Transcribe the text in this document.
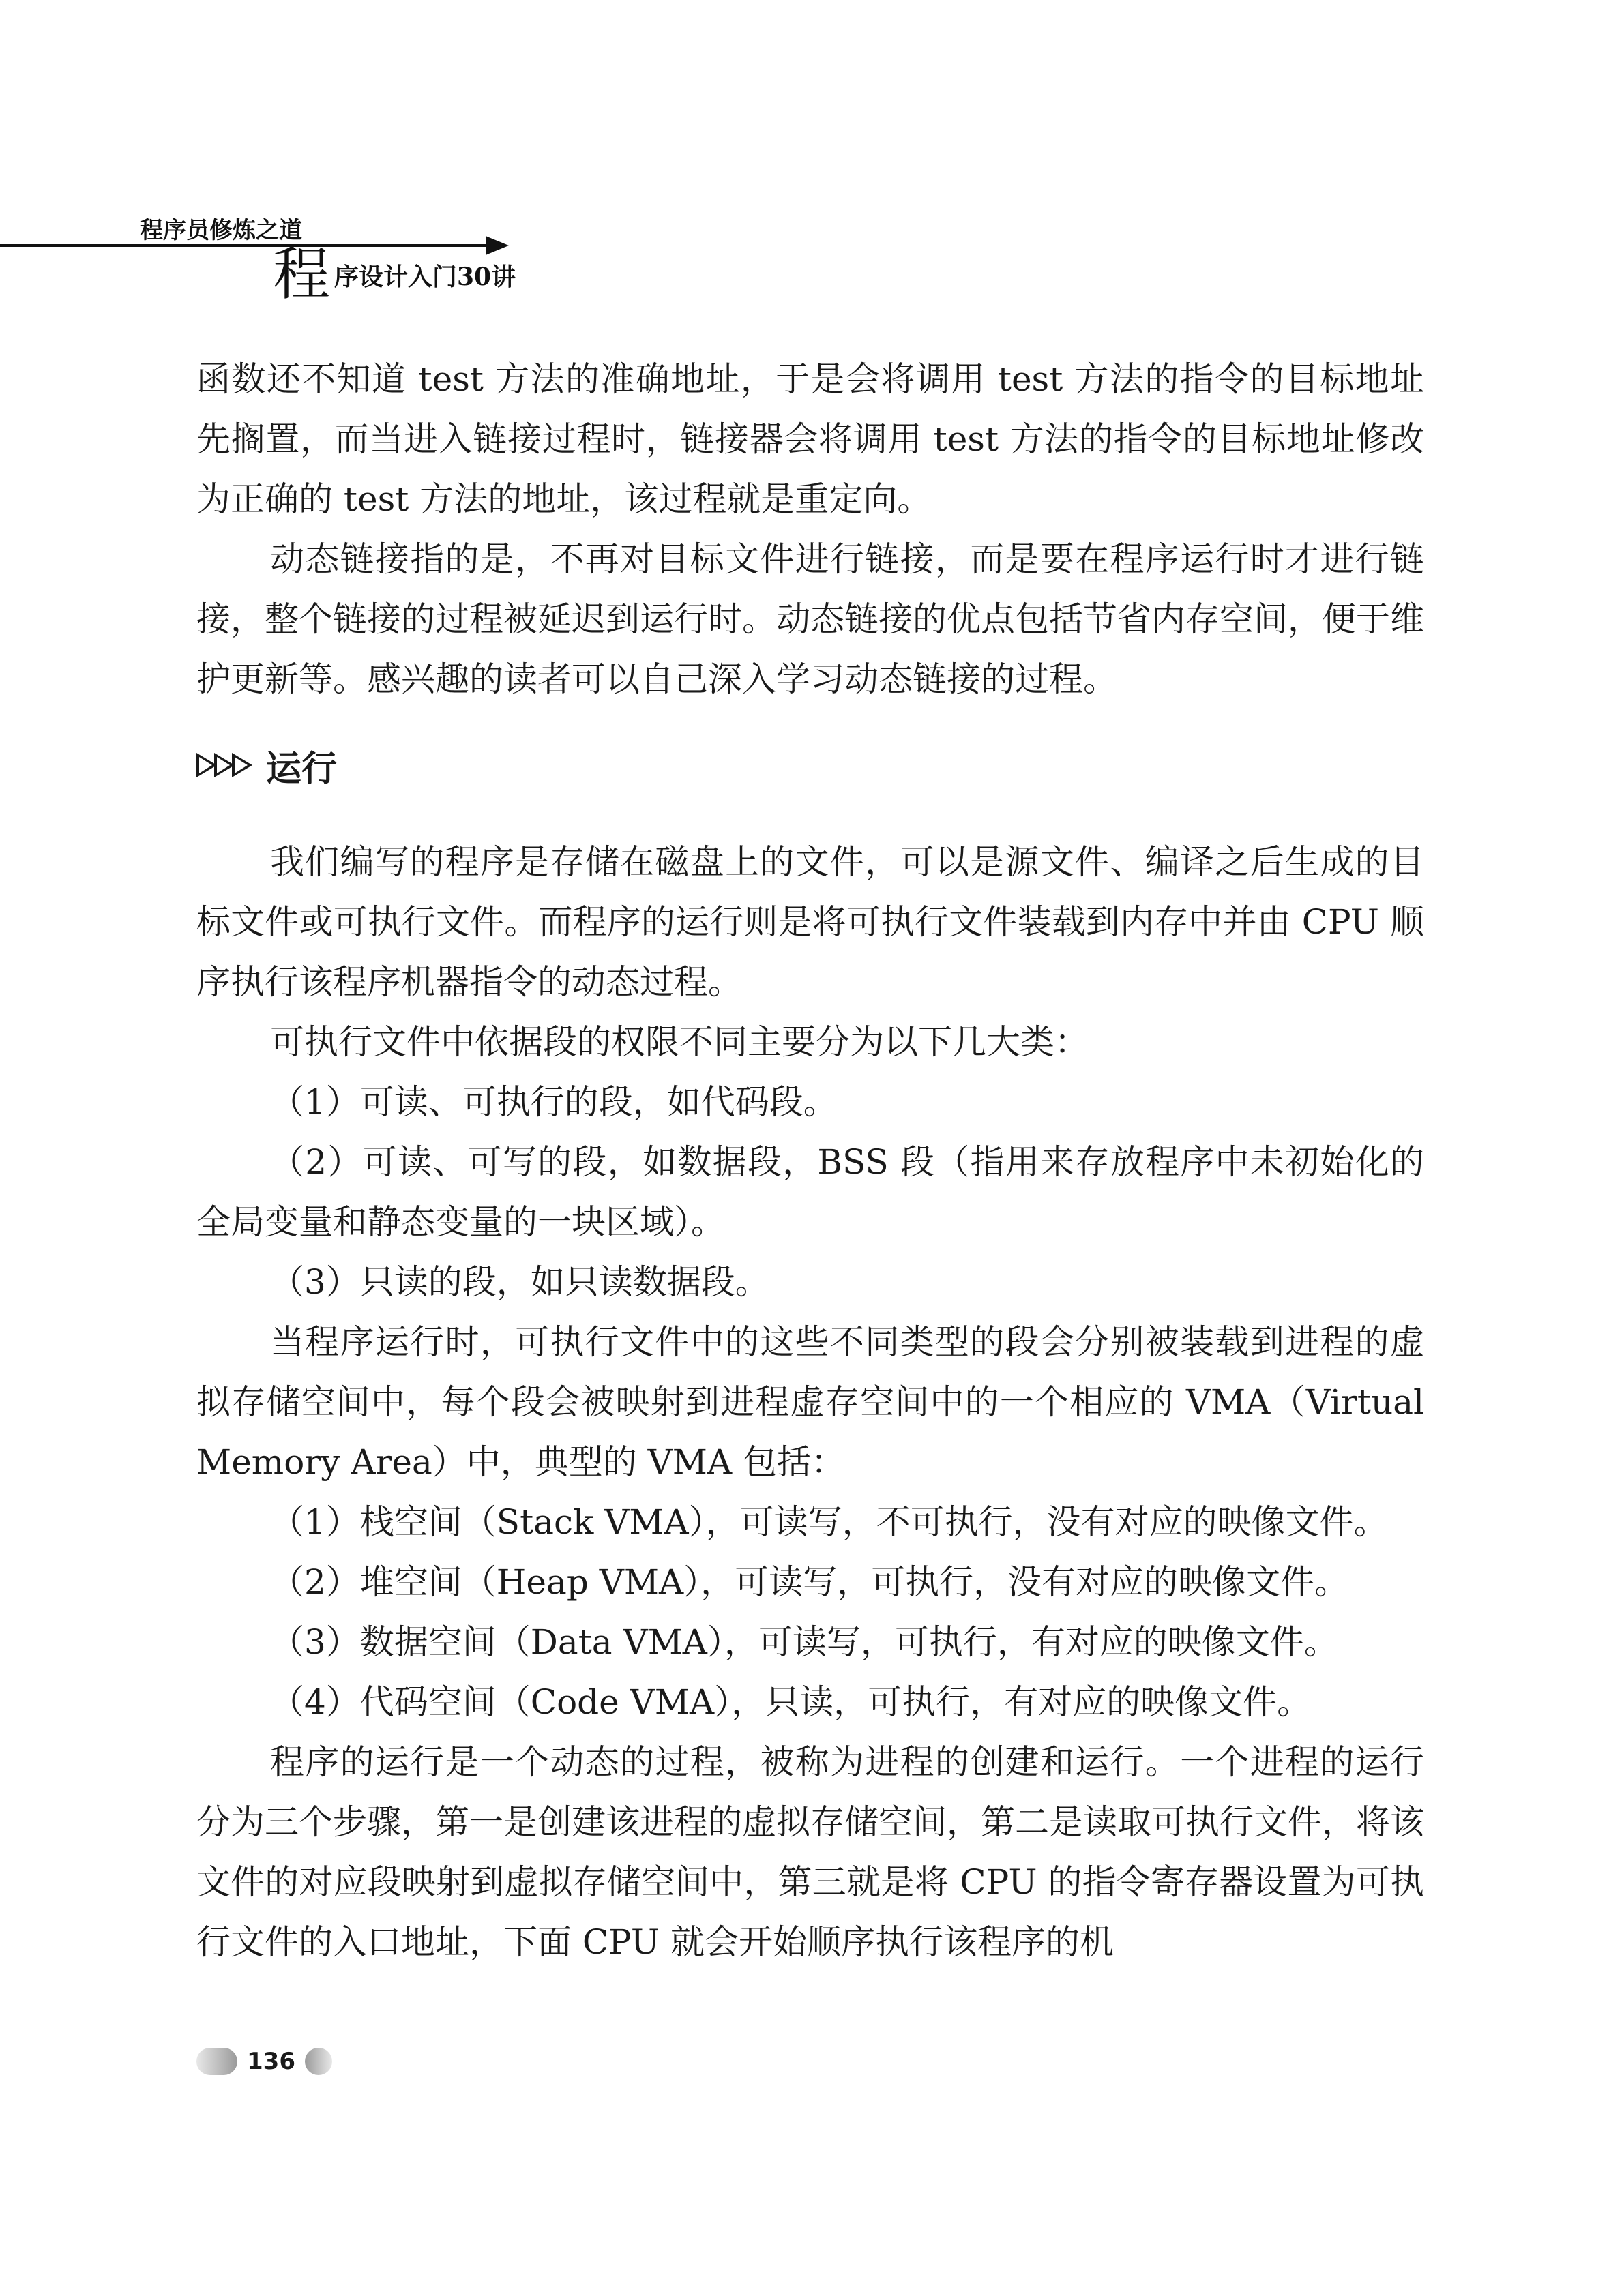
程序员修炼之道
程 序设计入门30讲

函数还不知道 test 方法的准确地址，于是会将调用 test 方法的指令的目标地址先搁置，而当进入链接过程时，链接器会将调用 test 方法的指令的目标地址修改为正确的 test 方法的地址，该过程就是重定向。

动态链接指的是，不再对目标文件进行链接，而是要在程序运行时才进行链接，整个链接的过程被延迟到运行时。动态链接的优点包括节省内存空间，便于维护更新等。感兴趣的读者可以自己深入学习动态链接的过程。

运行

我们编写的程序是存储在磁盘上的文件，可以是源文件、编译之后生成的目标文件或可执行文件。而程序的运行则是将可执行文件装载到内存中并由 CPU 顺序执行该程序机器指令的动态过程。

可执行文件中依据段的权限不同主要分为以下几大类：

（1）可读、可执行的段，如代码段。

（2）可读、可写的段，如数据段，BSS 段（指用来存放程序中未初始化的全局变量和静态变量的一块区域）。

（3）只读的段，如只读数据段。

当程序运行时，可执行文件中的这些不同类型的段会分别被装载到进程的虚拟存储空间中，每个段会被映射到进程虚存空间中的一个相应的 VMA（Virtual Memory Area）中，典型的 VMA 包括：

（1）栈空间（Stack VMA），可读写，不可执行，没有对应的映像文件。

（2）堆空间（Heap VMA），可读写，可执行，没有对应的映像文件。

（3）数据空间（Data VMA），可读写，可执行，有对应的映像文件。

（4）代码空间（Code VMA），只读，可执行，有对应的映像文件。

程序的运行是一个动态的过程，被称为进程的创建和运行。一个进程的运行分为三个步骤，第一是创建该进程的虚拟存储空间，第二是读取可执行文件，将该文件的对应段映射到虚拟存储空间中，第三就是将 CPU 的指令寄存器设置为可执行文件的入口地址，下面 CPU 就会开始顺序执行该程序的机

136
